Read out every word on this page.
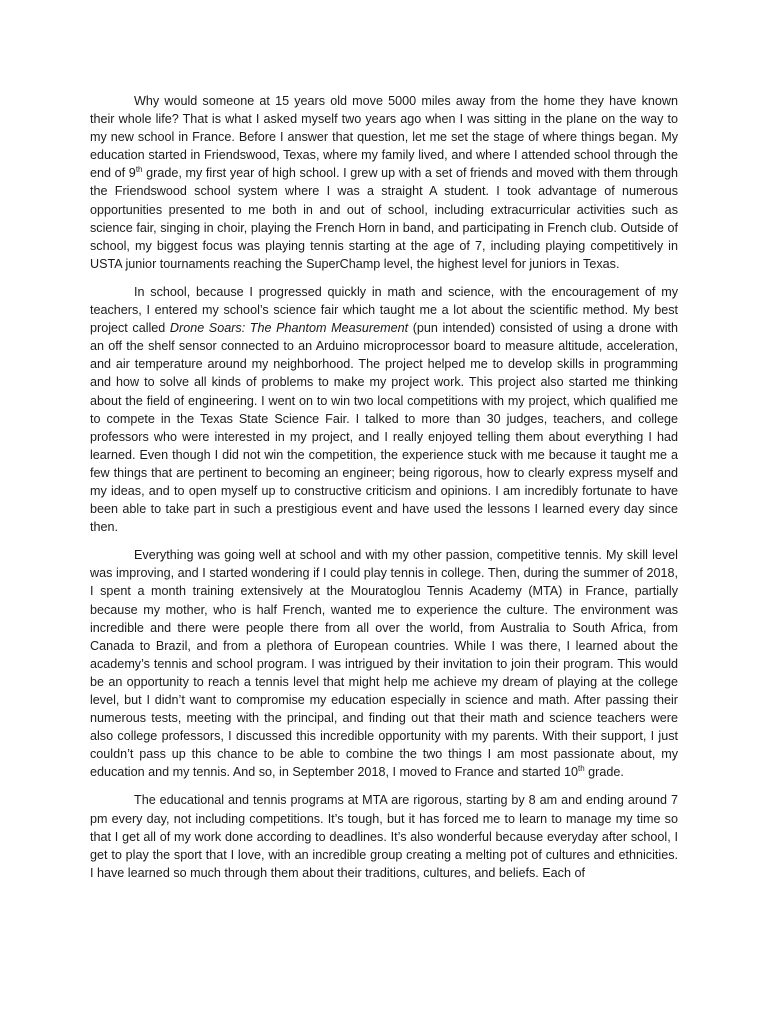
Why would someone at 15 years old move 5000 miles away from the home they have known their whole life? That is what I asked myself two years ago when I was sitting in the plane on the way to my new school in France. Before I answer that question, let me set the stage of where things began. My education started in Friendswood, Texas, where my family lived, and where I attended school through the end of 9th grade, my first year of high school. I grew up with a set of friends and moved with them through the Friendswood school system where I was a straight A student. I took advantage of numerous opportunities presented to me both in and out of school, including extracurricular activities such as science fair, singing in choir, playing the French Horn in band, and participating in French club. Outside of school, my biggest focus was playing tennis starting at the age of 7, including playing competitively in USTA junior tournaments reaching the SuperChamp level, the highest level for juniors in Texas.

In school, because I progressed quickly in math and science, with the encouragement of my teachers, I entered my school’s science fair which taught me a lot about the scientific method. My best project called Drone Soars: The Phantom Measurement (pun intended) consisted of using a drone with an off the shelf sensor connected to an Arduino microprocessor board to measure altitude, acceleration, and air temperature around my neighborhood. The project helped me to develop skills in programming and how to solve all kinds of problems to make my project work. This project also started me thinking about the field of engineering. I went on to win two local competitions with my project, which qualified me to compete in the Texas State Science Fair. I talked to more than 30 judges, teachers, and college professors who were interested in my project, and I really enjoyed telling them about everything I had learned. Even though I did not win the competition, the experience stuck with me because it taught me a few things that are pertinent to becoming an engineer; being rigorous, how to clearly express myself and my ideas, and to open myself up to constructive criticism and opinions. I am incredibly fortunate to have been able to take part in such a prestigious event and have used the lessons I learned every day since then.

Everything was going well at school and with my other passion, competitive tennis. My skill level was improving, and I started wondering if I could play tennis in college. Then, during the summer of 2018, I spent a month training extensively at the Mouratoglou Tennis Academy (MTA) in France, partially because my mother, who is half French, wanted me to experience the culture. The environment was incredible and there were people there from all over the world, from Australia to South Africa, from Canada to Brazil, and from a plethora of European countries. While I was there, I learned about the academy’s tennis and school program. I was intrigued by their invitation to join their program. This would be an opportunity to reach a tennis level that might help me achieve my dream of playing at the college level, but I didn’t want to compromise my education especially in science and math. After passing their numerous tests, meeting with the principal, and finding out that their math and science teachers were also college professors, I discussed this incredible opportunity with my parents. With their support, I just couldn’t pass up this chance to be able to combine the two things I am most passionate about, my education and my tennis. And so, in September 2018, I moved to France and started 10th grade.

The educational and tennis programs at MTA are rigorous, starting by 8 am and ending around 7 pm every day, not including competitions. It’s tough, but it has forced me to learn to manage my time so that I get all of my work done according to deadlines. It’s also wonderful because everyday after school, I get to play the sport that I love, with an incredible group creating a melting pot of cultures and ethnicities. I have learned so much through them about their traditions, cultures, and beliefs. Each of
